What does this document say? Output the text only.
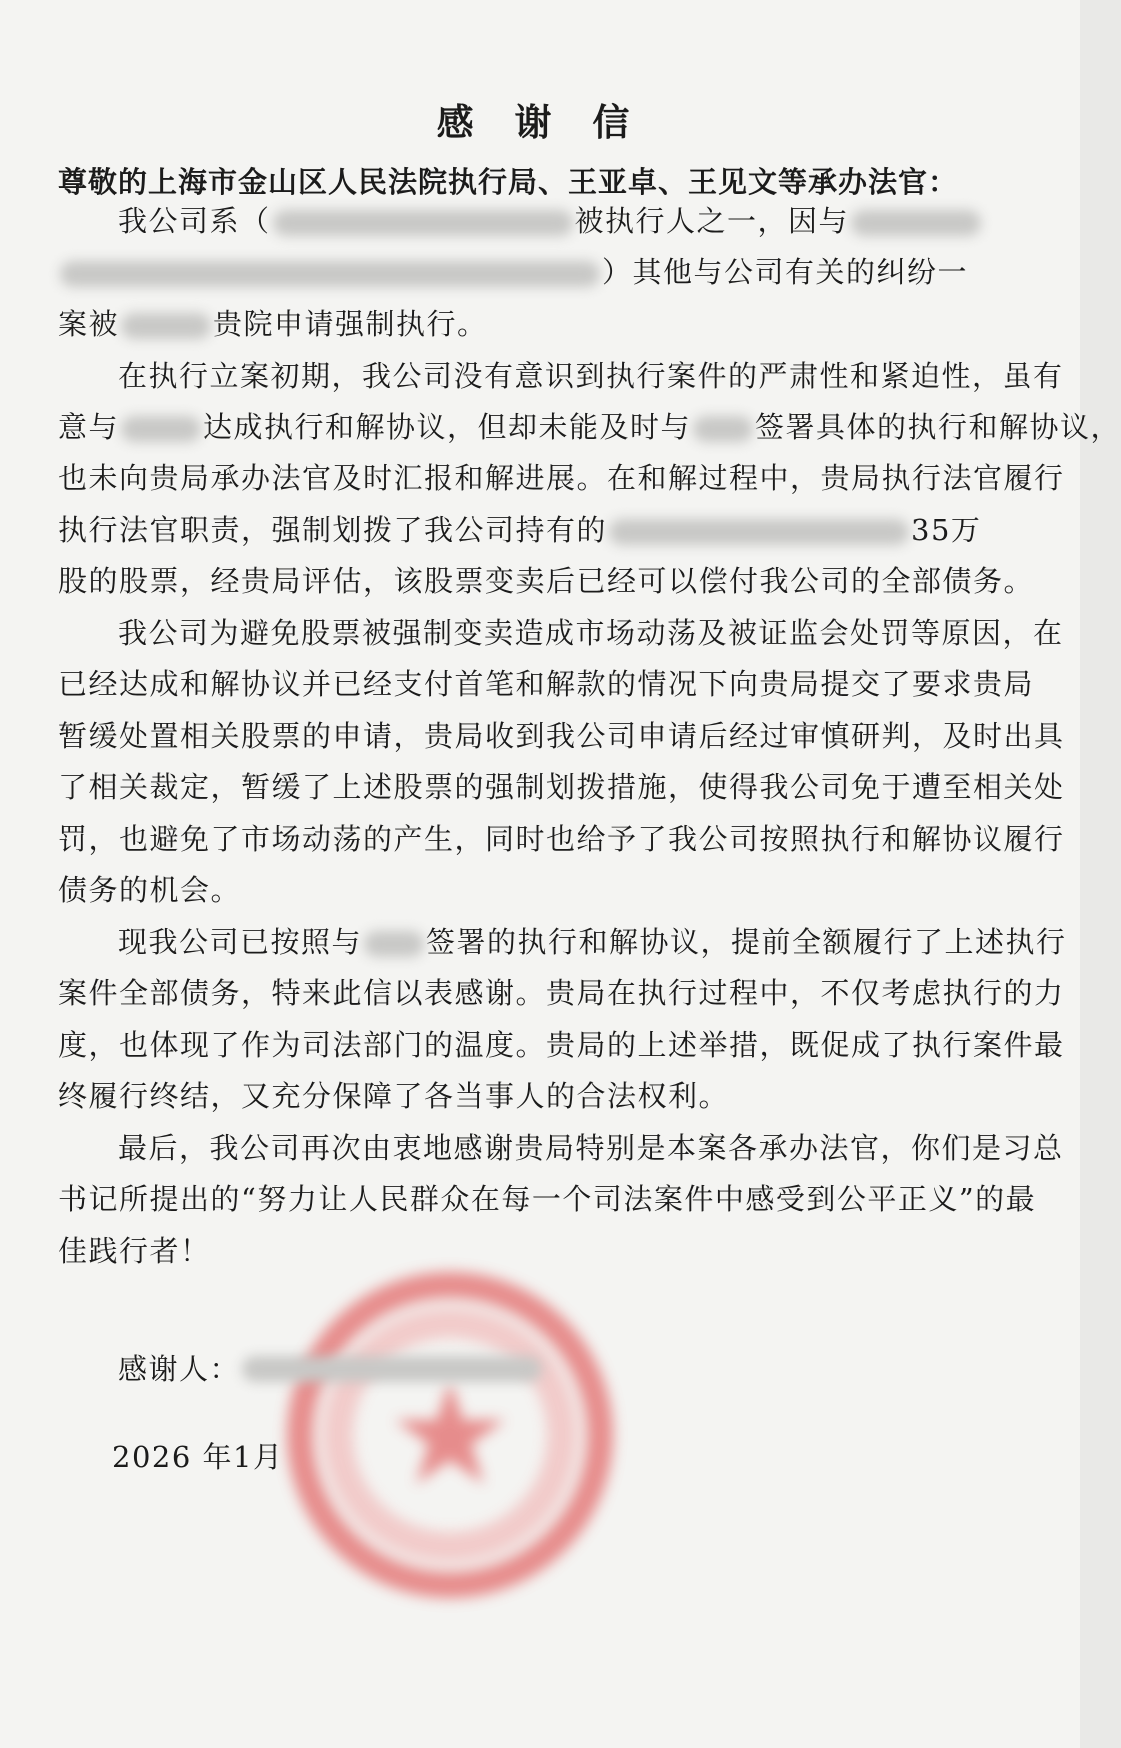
感 谢 信
尊敬的上海市金山区人民法院执行局、王亚卓、王见文等承办法官：
我公司系（	被执行人之一，因与
）其他与公司有关的纠纷一
案被	贵院申请强制执行。
在执行立案初期，我公司没有意识到执行案件的严肃性和紧迫性，虽有
意与	达成执行和解协议，但却未能及时与 签署具体的执行和解协议，
也未向贵局承办法官及时汇报和解进展。在和解过程中，贵局执行法官履行
执行法官职责，强制划拨了我公司持有的	35万
股的股票，经贵局评估，该股票变卖后已经可以偿付我公司的全部债务。
我公司为避免股票被强制变卖造成市场动荡及被证监会处罚等原因，在
已经达成和解协议并已经支付首笔和解款的情况下向贵局提交了要求贵局
暂缓处置相关股票的申请，贵局收到我公司申请后经过审慎研判，及时出具
了相关裁定，暂缓了上述股票的强制划拨措施，使得我公司免于遭至相关处
罚，也避免了市场动荡的产生，同时也给予了我公司按照执行和解协议履行
债务的机会。
现我公司已按照与 签署的执行和解协议，提前全额履行了上述执行
案件全部债务，特来此信以表感谢。贵局在执行过程中，不仅考虑执行的力
度，也体现了作为司法部门的温度。贵局的上述举措，既促成了执行案件最
终履行终结，又充分保障了各当事人的合法权利。
最后，我公司再次由衷地感谢贵局特别是本案各承办法官，你们是习总
书记所提出的“努力让人民群众在每一个司法案件中感受到公平正义”的最
佳践行者！
感谢人：
2026 年1月
